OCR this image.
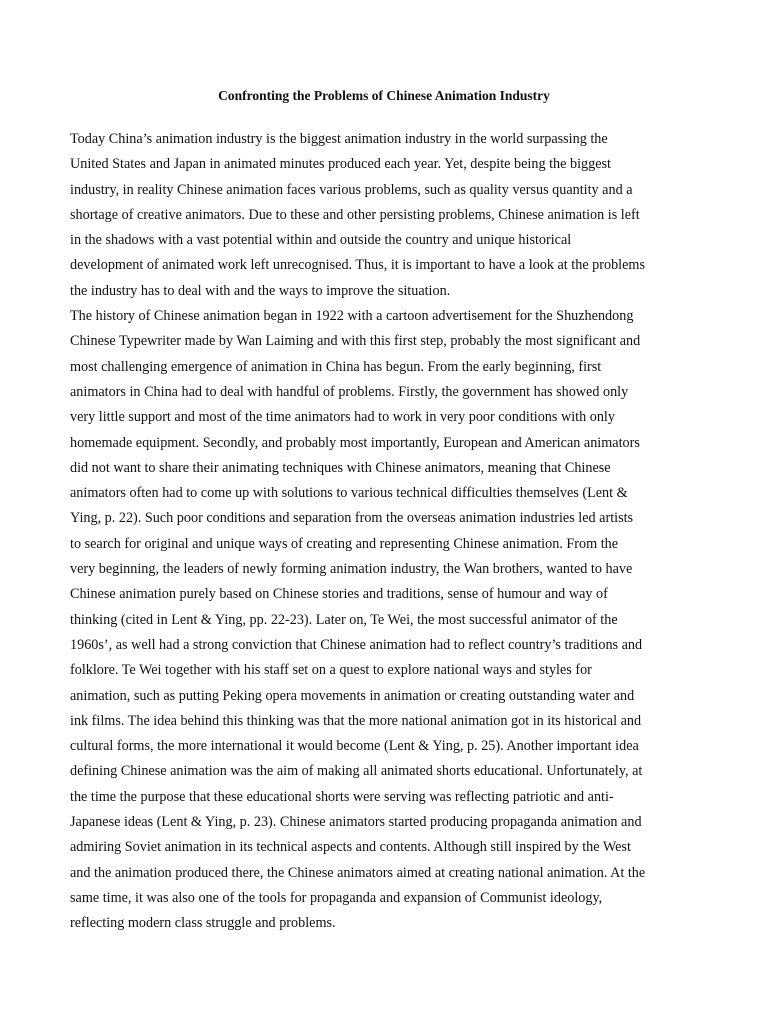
Confronting the Problems of Chinese Animation Industry
Today China’s animation industry is the biggest animation industry in the world surpassing the
United States and Japan in animated minutes produced each year. Yet, despite being the biggest
industry, in reality Chinese animation faces various problems, such as quality versus quantity and a
shortage of creative animators. Due to these and other persisting problems, Chinese animation is left
in the shadows with a vast potential within and outside the country and unique historical
development of animated work left unrecognised. Thus, it is important to have a look at the problems
the industry has to deal with and the ways to improve the situation.
The history of Chinese animation began in 1922 with a cartoon advertisement for the Shuzhendong
Chinese Typewriter made by Wan Laiming and with this first step, probably the most significant and
most challenging emergence of animation in China has begun. From the early beginning, first
animators in China had to deal with handful of problems. Firstly, the government has showed only
very little support and most of the time animators had to work in very poor conditions with only
homemade equipment. Secondly, and probably most importantly, European and American animators
did not want to share their animating techniques with Chinese animators, meaning that Chinese
animators often had to come up with solutions to various technical difficulties themselves (Lent &
Ying, p. 22). Such poor conditions and separation from the overseas animation industries led artists
to search for original and unique ways of creating and representing Chinese animation. From the
very beginning, the leaders of newly forming animation industry, the Wan brothers, wanted to have
Chinese animation purely based on Chinese stories and traditions, sense of humour and way of
thinking (cited in Lent & Ying, pp. 22-23). Later on, Te Wei, the most successful animator of the
1960s’, as well had a strong conviction that Chinese animation had to reflect country’s traditions and
folklore. Te Wei together with his staff set on a quest to explore national ways and styles for
animation, such as putting Peking opera movements in animation or creating outstanding water and
ink films. The idea behind this thinking was that the more national animation got in its historical and
cultural forms, the more international it would become (Lent & Ying, p. 25). Another important idea
defining Chinese animation was the aim of making all animated shorts educational. Unfortunately, at
the time the purpose that these educational shorts were serving was reflecting patriotic and anti-
Japanese ideas (Lent & Ying, p. 23). Chinese animators started producing propaganda animation and
admiring Soviet animation in its technical aspects and contents. Although still inspired by the West
and the animation produced there, the Chinese animators aimed at creating national animation. At the
same time, it was also one of the tools for propaganda and expansion of Communist ideology,
reflecting modern class struggle and problems.
